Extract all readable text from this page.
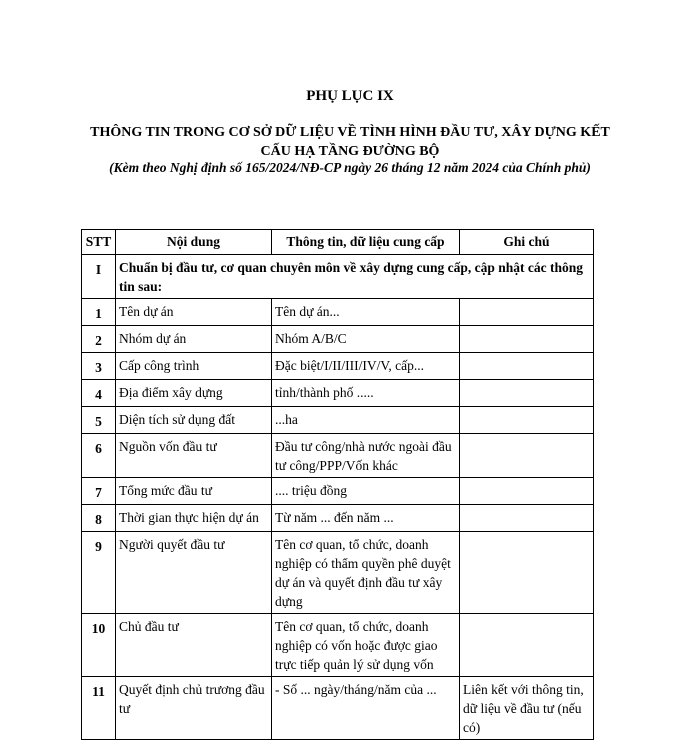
PHỤ LỤC IX
THÔNG TIN TRONG CƠ SỞ DỮ LIỆU VỀ TÌNH HÌNH ĐẦU TƯ, XÂY DỰNG KẾT CẤU HẠ TẦNG ĐƯỜNG BỘ
(Kèm theo Nghị định số 165/2024/NĐ-CP ngày 26 tháng 12 năm 2024 của Chính phủ)
STT	Nội dung	Thông tin, dữ liệu cung cấp	Ghi chú
I	Chuẩn bị đầu tư, cơ quan chuyên môn về xây dựng cung cấp, cập nhật các thông tin sau:		
1	Tên dự án	Tên dự án...	
2	Nhóm dự án	Nhóm A/B/C	
3	Cấp công trình	Đặc biệt/I/II/III/IV/V, cấp...	
4	Địa điểm xây dựng	tỉnh/thành phố .....	
5	Diện tích sử dụng đất	...ha	
6	Nguồn vốn đầu tư	Đầu tư công/nhà nước ngoài đầu tư công/PPP/Vốn khác	
7	Tổng mức đầu tư	.... triệu đồng	
8	Thời gian thực hiện dự án	Từ năm ... đến năm ...	
9	Người quyết đầu tư	Tên cơ quan, tổ chức, doanh nghiệp có thẩm quyền phê duyệt dự án và quyết định đầu tư xây dựng	
10	Chủ đầu tư	Tên cơ quan, tổ chức, doanh nghiệp có vốn hoặc được giao trực tiếp quản lý sử dụng vốn	
11	Quyết định chủ trương đầu tư	- Số ... ngày/tháng/năm của ...	Liên kết với thông tin, dữ liệu về đầu tư (nếu có)
